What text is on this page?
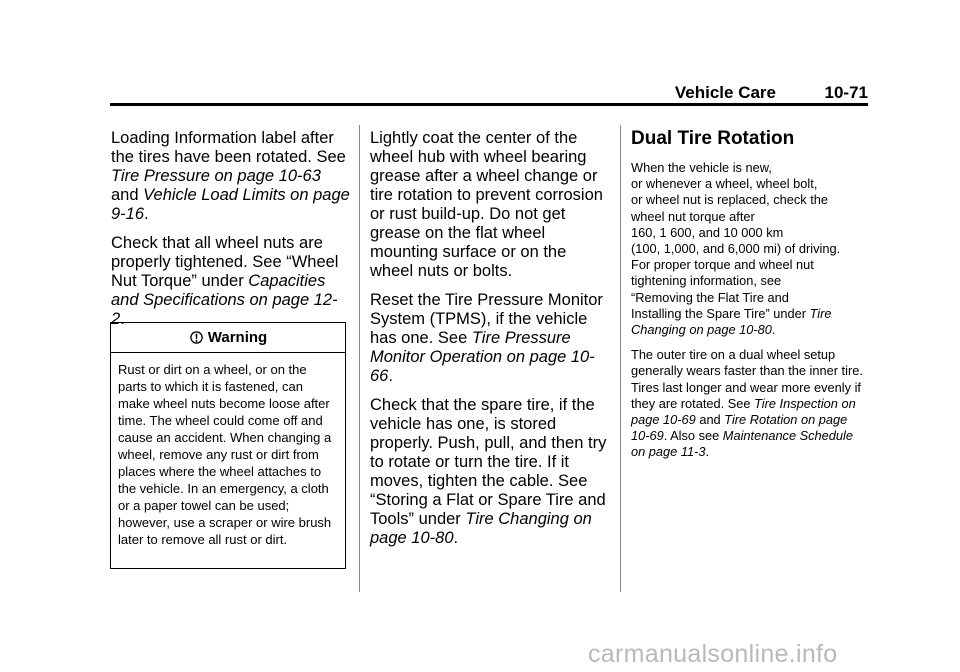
Vehicle Care	10-71

Loading Information label after the tires have been rotated. See Tire Pressure on page 10-63 and Vehicle Load Limits on page 9-16.

Check that all wheel nuts are properly tightened. See “Wheel Nut Torque” under Capacities and Specifications on page 12-2.

Warning
Rust or dirt on a wheel, or on the parts to which it is fastened, can make wheel nuts become loose after time. The wheel could come off and cause an accident. When changing a wheel, remove any rust or dirt from places where the wheel attaches to the vehicle. In an emergency, a cloth or a paper towel can be used; however, use a scraper or wire brush later to remove all rust or dirt.

Lightly coat the center of the wheel hub with wheel bearing grease after a wheel change or tire rotation to prevent corrosion or rust build-up. Do not get grease on the flat wheel mounting surface or on the wheel nuts or bolts.

Reset the Tire Pressure Monitor System (TPMS), if the vehicle has one. See Tire Pressure Monitor Operation on page 10-66.

Check that the spare tire, if the vehicle has one, is stored properly. Push, pull, and then try to rotate or turn the tire. If it moves, tighten the cable. See “Storing a Flat or Spare Tire and Tools” under Tire Changing on page 10-80.

Dual Tire Rotation

When the vehicle is new,
or whenever a wheel, wheel bolt,
or wheel nut is replaced, check the
wheel nut torque after
160, 1 600, and 10 000 km
(100, 1,000, and 6,000 mi) of driving.
For proper torque and wheel nut
tightening information, see
“Removing the Flat Tire and
Installing the Spare Tire” under Tire
Changing on page 10-80.

The outer tire on a dual wheel setup generally wears faster than the inner tire. Tires last longer and wear more evenly if they are rotated. See Tire Inspection on page 10-69 and Tire Rotation on page 10-69. Also see Maintenance Schedule on page 11-3.

carmanualsonline.info
